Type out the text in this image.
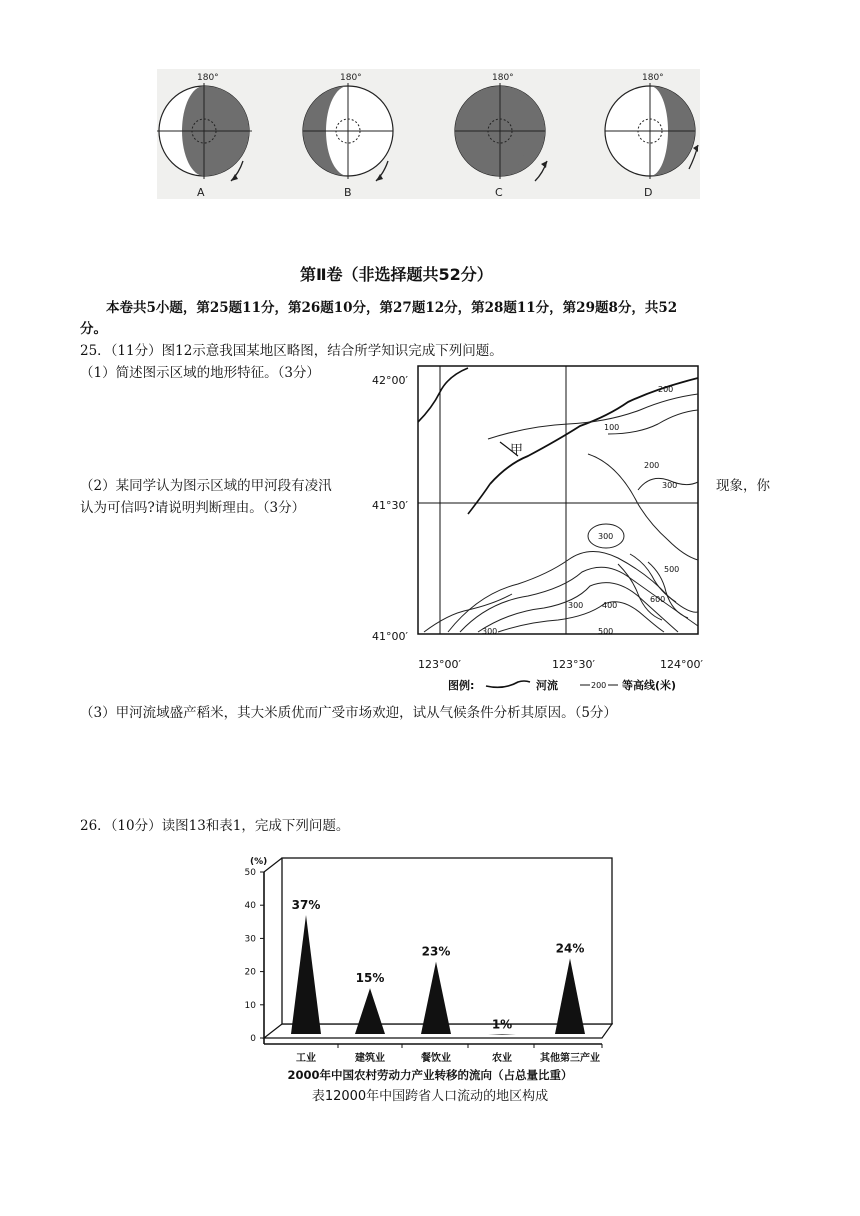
180°	180°	180°	180°
A	B	C	D
第Ⅱ卷（非选择题共52分）
本卷共5小题，第25题11分，第26题10分，第27题12分，第28题11分，第29题8分，共52
分。
25．（11分）图12示意我国某地区略图，结合所学知识完成下列问题。
（1）简述图示区域的地形特征。（3分）
（2）某同学认为图示区域的甲河段有凌汛	现象，你
认为可信吗?请说明判断理由。（3分）
42°00′
41°30′
41°00′
123°00′	123°30′	124°00′
甲
200
100
200
300
300
500
600
300 400
500
300
图例:	河流	200 等高线(米)
（3）甲河流域盛产稻米，其大米质优而广受市场欢迎，试从气候条件分析其原因。（5分）
26．（10分）读图13和表1，完成下列问题。
(%)
0
10
20
30
40
50
37%
工业
15%
建筑业
23%
餐饮业
1%
农业
24%
其他第三产业
2000年中国农村劳动力产业转移的流向（占总量比重）
表12000年中国跨省人口流动的地区构成
